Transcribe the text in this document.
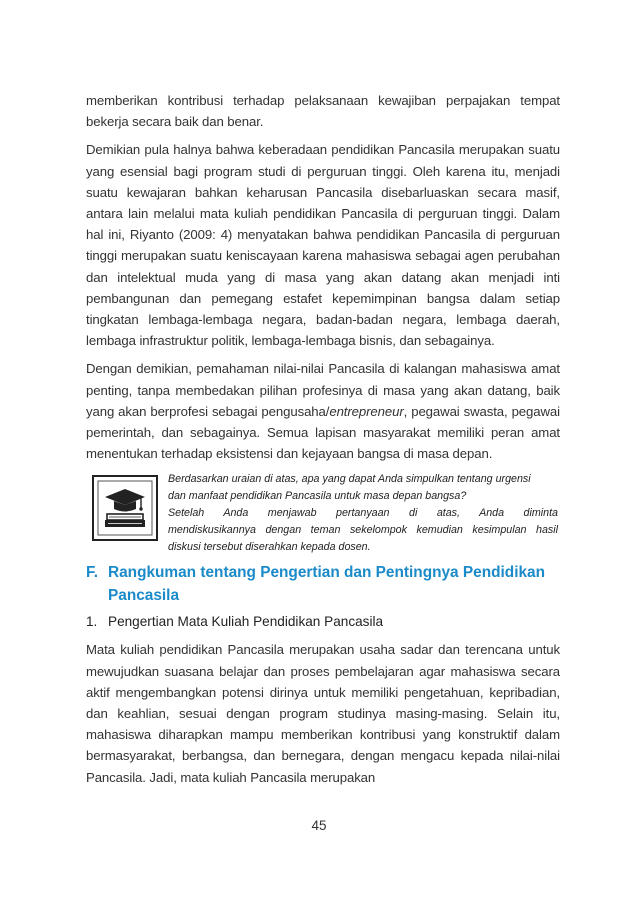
memberikan kontribusi terhadap pelaksanaan kewajiban perpajakan tempat bekerja secara baik dan benar.

Demikian pula halnya bahwa keberadaan pendidikan Pancasila merupakan suatu yang esensial bagi program studi di perguruan tinggi. Oleh karena itu, menjadi suatu kewajaran bahkan keharusan Pancasila disebarluaskan secara masif, antara lain melalui mata kuliah pendidikan Pancasila di perguruan tinggi. Dalam hal ini, Riyanto (2009: 4) menyatakan bahwa pendidikan Pancasila di perguruan tinggi merupakan suatu keniscayaan karena mahasiswa sebagai agen perubahan dan intelektual muda yang di masa yang akan datang akan menjadi inti pembangunan dan pemegang estafet kepemimpinan bangsa dalam setiap tingkatan lembaga-lembaga negara, badan-badan negara, lembaga daerah, lembaga infrastruktur politik, lembaga-lembaga bisnis, dan sebagainya.

Dengan demikian, pemahaman nilai-nilai Pancasila di kalangan mahasiswa amat penting, tanpa membedakan pilihan profesinya di masa yang akan datang, baik yang akan berprofesi sebagai pengusaha/entrepreneur, pegawai swasta, pegawai pemerintah, dan sebagainya. Semua lapisan masyarakat memiliki peran amat menentukan terhadap eksistensi dan kejayaan bangsa di masa depan.

Berdasarkan uraian di atas, apa yang dapat Anda simpulkan tentang urgensi
dan manfaat pendidikan Pancasila untuk masa depan bangsa?
Setelah Anda menjawab pertanyaan di atas, Anda diminta
mendiskusikannya dengan teman sekelompok kemudian kesimpulan hasil
diskusi tersebut diserahkan kepada dosen.
F. Rangkuman tentang Pengertian dan Pentingnya Pendidikan Pancasila
1. Pengertian Mata Kuliah Pendidikan Pancasila

Mata kuliah pendidikan Pancasila merupakan usaha sadar dan terencana untuk mewujudkan suasana belajar dan proses pembelajaran agar mahasiswa secara aktif mengembangkan potensi dirinya untuk memiliki pengetahuan, kepribadian, dan keahlian, sesuai dengan program studinya masing-masing. Selain itu, mahasiswa diharapkan mampu memberikan kontribusi yang konstruktif dalam bermasyarakat, berbangsa, dan bernegara, dengan mengacu kepada nilai-nilai Pancasila. Jadi, mata kuliah Pancasila merupakan

45
